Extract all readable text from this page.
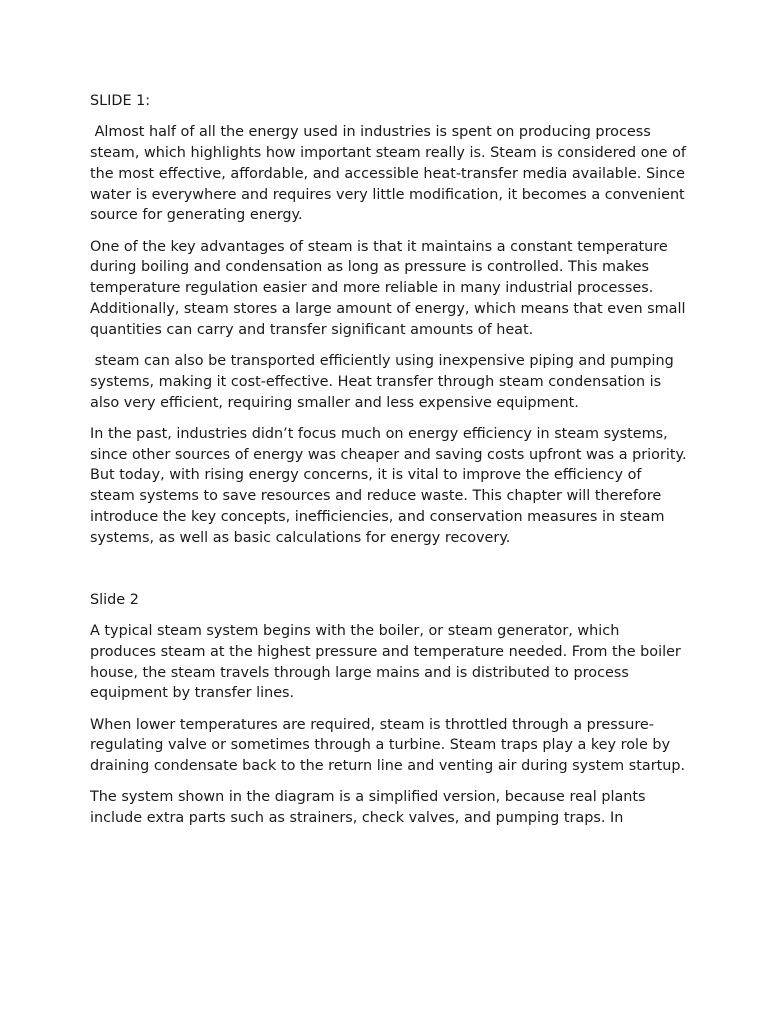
SLIDE 1:

Almost half of all the energy used in industries is spent on producing process steam, which highlights how important steam really is. Steam is considered one of the most effective, affordable, and accessible heat-transfer media available. Since water is everywhere and requires very little modification, it becomes a convenient source for generating energy.

One of the key advantages of steam is that it maintains a constant temperature during boiling and condensation as long as pressure is controlled. This makes temperature regulation easier and more reliable in many industrial processes. Additionally, steam stores a large amount of energy, which means that even small quantities can carry and transfer significant amounts of heat.

steam can also be transported efficiently using inexpensive piping and pumping systems, making it cost-effective. Heat transfer through steam condensation is also very efficient, requiring smaller and less expensive equipment.

In the past, industries didn’t focus much on energy efficiency in steam systems, since other sources of energy was cheaper and saving costs upfront was a priority. But today, with rising energy concerns, it is vital to improve the efficiency of steam systems to save resources and reduce waste. This chapter will therefore introduce the key concepts, inefficiencies, and conservation measures in steam systems, as well as basic calculations for energy recovery.

Slide 2

A typical steam system begins with the boiler, or steam generator, which produces steam at the highest pressure and temperature needed. From the boiler house, the steam travels through large mains and is distributed to process equipment by transfer lines.

When lower temperatures are required, steam is throttled through a pressure-regulating valve or sometimes through a turbine. Steam traps play a key role by draining condensate back to the return line and venting air during system startup.

The system shown in the diagram is a simplified version, because real plants include extra parts such as strainers, check valves, and pumping traps. In
